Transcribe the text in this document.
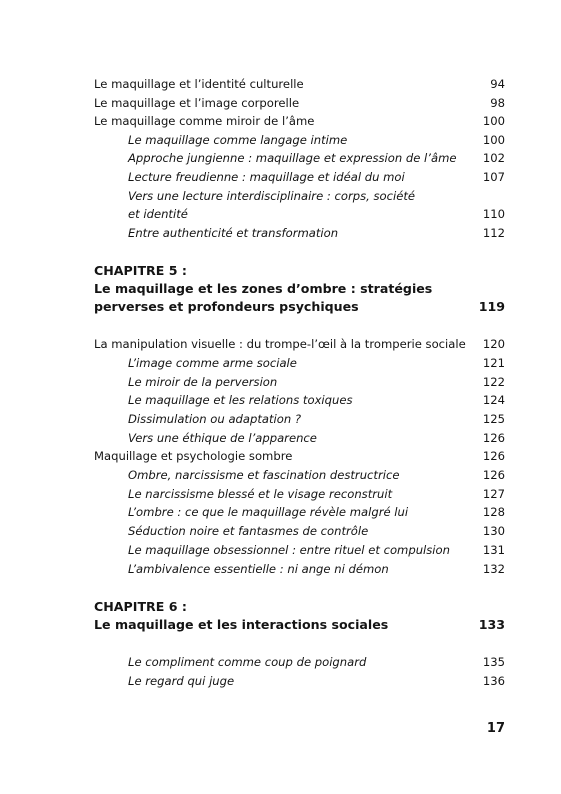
Le maquillage et l’identité culturelle	94
Le maquillage et l’image corporelle	98
Le maquillage comme miroir de l’âme	100
Le maquillage comme langage intime	100
Approche jungienne : maquillage et expression de l’âme 102
Lecture freudienne : maquillage et idéal du moi	107
Vers une lecture interdisciplinaire : corps, société
et identité	110
Entre authenticité et transformation	112
CHAPITRE 5 :
Le maquillage et les zones d’ombre : stratégies
perverses et profondeurs psychiques	119
La manipulation visuelle : du trompe-l’œil à la tromperie sociale 120
L’image comme arme sociale	121
Le miroir de la perversion	122
Le maquillage et les relations toxiques	124
Dissimulation ou adaptation ?	125
Vers une éthique de l’apparence	126
Maquillage et psychologie sombre	126
Ombre, narcissisme et fascination destructrice	126
Le narcissisme blessé et le visage reconstruit	127
L’ombre : ce que le maquillage révèle malgré lui	128
Séduction noire et fantasmes de contrôle	130
Le maquillage obsessionnel : entre rituel et compulsion	131
L’ambivalence essentielle : ni ange ni démon	132
CHAPITRE 6 :
Le maquillage et les interactions sociales	133
Le compliment comme coup de poignard	135
Le regard qui juge	136
17
